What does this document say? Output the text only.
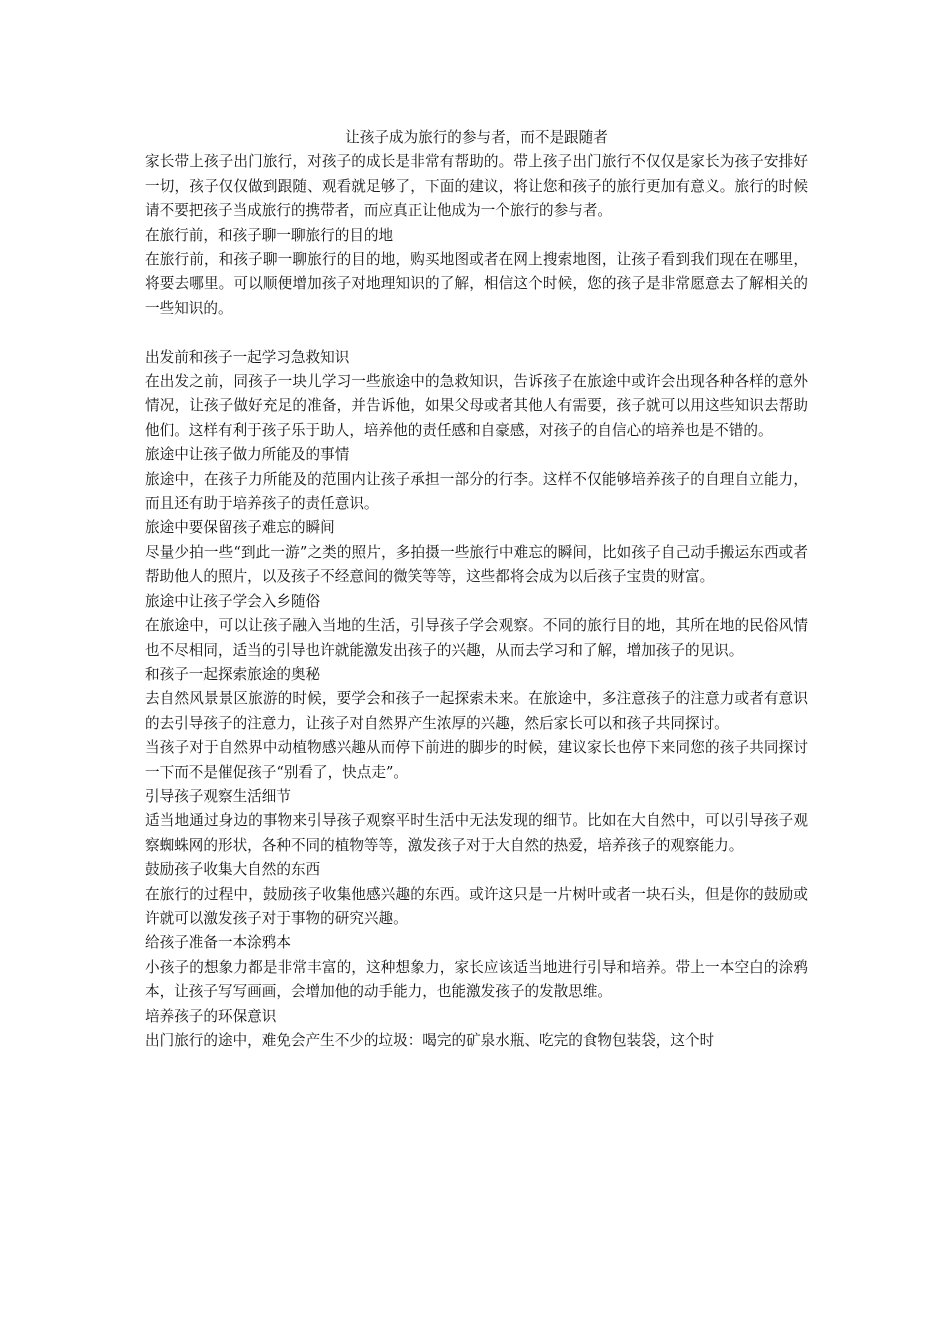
让孩子成为旅行的参与者，而不是跟随者

家长带上孩子出门旅行，对孩子的成长是非常有帮助的。带上孩子出门旅行不仅仅是家长为孩子安排好一切，孩子仅仅做到跟随、观看就足够了，下面的建议，将让您和孩子的旅行更加有意义。旅行的时候请不要把孩子当成旅行的携带者，而应真正让他成为一个旅行的参与者。

在旅行前，和孩子聊一聊旅行的目的地

在旅行前，和孩子聊一聊旅行的目的地，购买地图或者在网上搜索地图，让孩子看到我们现在在哪里，将要去哪里。可以顺便增加孩子对地理知识的了解，相信这个时候，您的孩子是非常愿意去了解相关的一些知识的。

出发前和孩子一起学习急救知识

在出发之前，同孩子一块儿学习一些旅途中的急救知识，告诉孩子在旅途中或许会出现各种各样的意外情况，让孩子做好充足的准备，并告诉他，如果父母或者其他人有需要，孩子就可以用这些知识去帮助他们。这样有利于孩子乐于助人，培养他的责任感和自豪感，对孩子的自信心的培养也是不错的。

旅途中让孩子做力所能及的事情

旅途中，在孩子力所能及的范围内让孩子承担一部分的行李。这样不仅能够培养孩子的自理自立能力，而且还有助于培养孩子的责任意识。

旅途中要保留孩子难忘的瞬间

尽量少拍一些“到此一游”之类的照片，多拍摄一些旅行中难忘的瞬间，比如孩子自己动手搬运东西或者帮助他人的照片，以及孩子不经意间的微笑等等，这些都将会成为以后孩子宝贵的财富。

旅途中让孩子学会入乡随俗

在旅途中，可以让孩子融入当地的生活，引导孩子学会观察。不同的旅行目的地，其所在地的民俗风情也不尽相同，适当的引导也许就能激发出孩子的兴趣，从而去学习和了解，增加孩子的见识。

和孩子一起探索旅途的奥秘

去自然风景景区旅游的时候，要学会和孩子一起探索未来。在旅途中，多注意孩子的注意力或者有意识的去引导孩子的注意力，让孩子对自然界产生浓厚的兴趣，然后家长可以和孩子共同探讨。

当孩子对于自然界中动植物感兴趣从而停下前进的脚步的时候，建议家长也停下来同您的孩子共同探讨一下而不是催促孩子“别看了，快点走”。

引导孩子观察生活细节

适当地通过身边的事物来引导孩子观察平时生活中无法发现的细节。比如在大自然中，可以引导孩子观察蜘蛛网的形状，各种不同的植物等等，激发孩子对于大自然的热爱，培养孩子的观察能力。

鼓励孩子收集大自然的东西

在旅行的过程中，鼓励孩子收集他感兴趣的东西。或许这只是一片树叶或者一块石头，但是你的鼓励或许就可以激发孩子对于事物的研究兴趣。

给孩子准备一本涂鸦本

小孩子的想象力都是非常丰富的，这种想象力，家长应该适当地进行引导和培养。带上一本空白的涂鸦本，让孩子写写画画，会增加他的动手能力，也能激发孩子的发散思维。

培养孩子的环保意识

出门旅行的途中，难免会产生不少的垃圾：喝完的矿泉水瓶、吃完的食物包装袋，这个时
